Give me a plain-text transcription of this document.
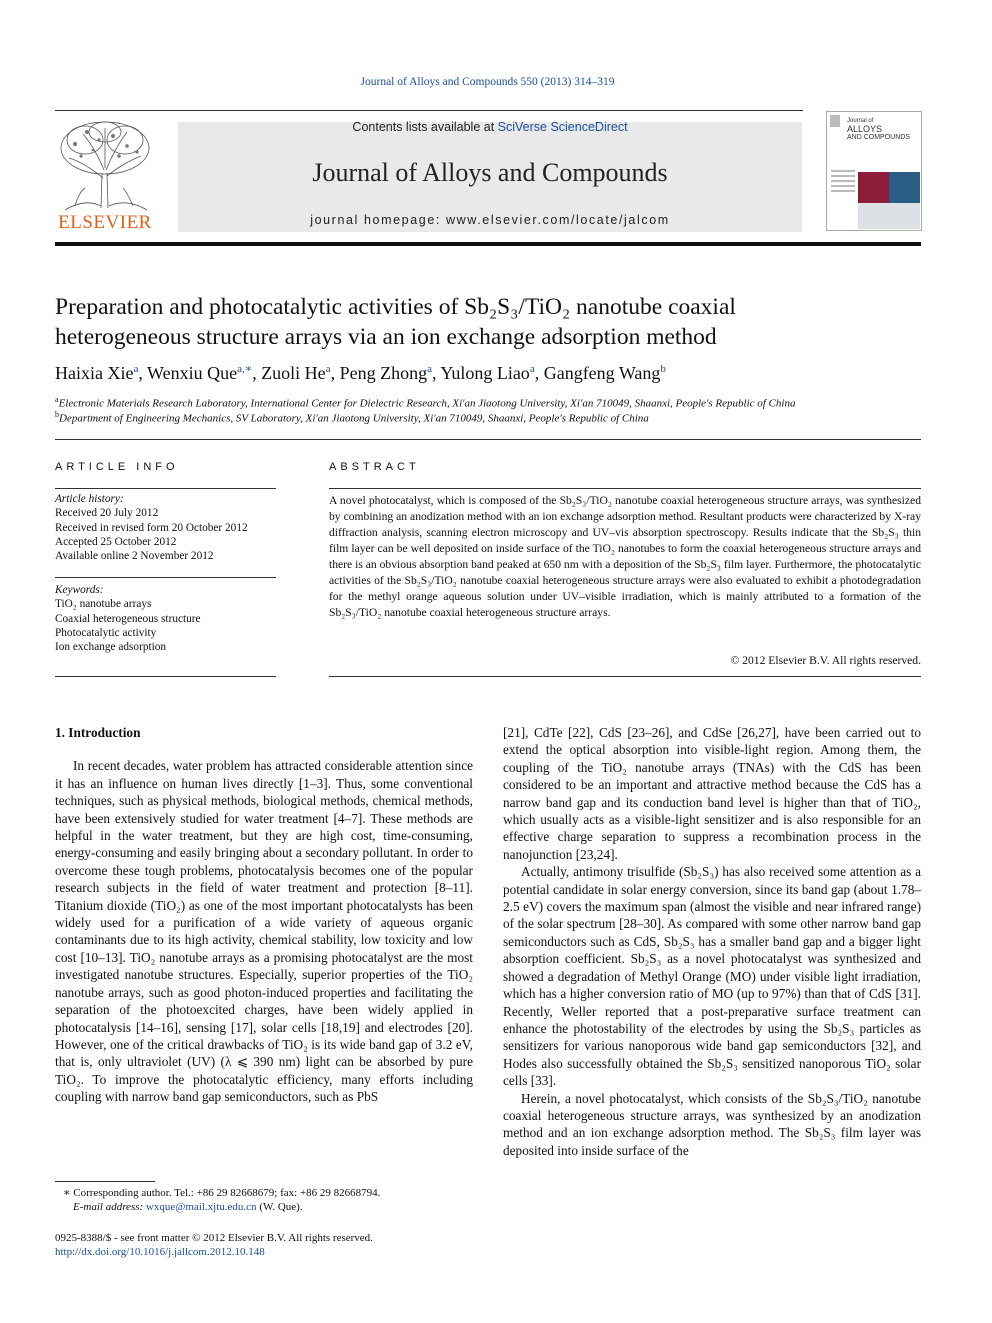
Journal of Alloys and Compounds 550 (2013) 314–319
ELSEVIER
Contents lists available at SciVerse ScienceDirect
Journal of Alloys and Compounds
journal homepage: www.elsevier.com/locate/jalcom
Journal of
ALLOYS
AND COMPOUNDS
Preparation and photocatalytic activities of Sb₂S₃/TiO₂ nanotube coaxial
heterogeneous structure arrays via an ion exchange adsorption method
Haixia Xie$^a$, Wenxiu Que$^{a,∗}$, Zuoli He$^a$, Peng Zhong$^a$, Yulong Liao$^a$, Gangfeng Wang$^b$
$^a$Electronic Materials Research Laboratory, International Center for Dielectric Research, Xi'an Jiaotong University, Xi'an 710049, Shaanxi, People's Republic of China
$^b$Department of Engineering Mechanics, SV Laboratory, Xi'an Jiaotong University, Xi'an 710049, Shaanxi, People's Republic of China
ARTICLE INFO
Article history:
Received 20 July 2012
Received in revised form 20 October 2012
Accepted 25 October 2012
Available online 2 November 2012
Keywords:
TiO₂ nanotube arrays
Coaxial heterogeneous structure
Photocatalytic activity
Ion exchange adsorption
ABSTRACT
A novel photocatalyst, which is composed of the Sb₂S₃/TiO₂ nanotube coaxial heterogeneous structure arrays, was synthesized by combining an anodization method with an ion exchange adsorption method. Resultant products were characterized by X-ray diffraction analysis, scanning electron microscopy and UV–vis absorption spectroscopy. Results indicate that the Sb₂S₃ thin film layer can be well deposited on inside surface of the TiO₂ nanotubes to form the coaxial heterogeneous structure arrays and there is an obvious absorption band peaked at 650 nm with a deposition of the Sb₂S₃ film layer. Furthermore, the photocatalytic activities of the Sb₂S₃/TiO₂ nanotube coaxial heterogeneous structure arrays were also evaluated to exhibit a photodegradation for the methyl orange aqueous solution under UV–visible irradiation, which is mainly attributed to a formation of the Sb₂S₃/TiO₂ nanotube coaxial heterogeneous structure arrays.
© 2012 Elsevier B.V. All rights reserved.
1. Introduction

In recent decades, water problem has attracted considerable attention since it has an influence on human lives directly [1–3]. Thus, some conventional techniques, such as physical methods, biological methods, chemical methods, have been extensively studied for water treatment [4–7]. These methods are helpful in the water treatment, but they are high cost, time-consuming, energy-consuming and easily bringing about a secondary pollutant. In order to overcome these tough problems, photocatalysis becomes one of the popular research subjects in the field of water treatment and protection [8–11]. Titanium dioxide (TiO₂) as one of the most important photocatalysts has been widely used for a purification of a wide variety of aqueous organic contaminants due to its high activity, chemical stability, low toxicity and low cost [10–13]. TiO₂ nanotube arrays as a promising photocatalyst are the most investigated nanotube structures. Especially, superior properties of the TiO₂ nanotube arrays, such as good photon-induced properties and facilitating the separation of the photoexcited charges, have been widely applied in photocatalysis [14–16], sensing [17], solar cells [18,19] and electrodes [20]. However, one of the critical drawbacks of TiO₂ is its wide band gap of 3.2 eV, that is, only ultraviolet (UV) (λ ⩽ 390 nm) light can be absorbed by pure TiO₂. To improve the photocatalytic efficiency, many efforts including coupling with narrow band gap semiconductors, such as PbS

[21], CdTe [22], CdS [23–26], and CdSe [26,27], have been carried out to extend the optical absorption into visible-light region. Among them, the coupling of the TiO₂ nanotube arrays (TNAs) with the CdS has been considered to be an important and attractive method because the CdS has a narrow band gap and its conduction band level is higher than that of TiO₂, which usually acts as a visible-light sensitizer and is also responsible for an effective charge separation to suppress a recombination process in the nanojunction [23,24].

Actually, antimony trisulfide (Sb₂S₃) has also received some attention as a potential candidate in solar energy conversion, since its band gap (about 1.78–2.5 eV) covers the maximum span (almost the visible and near infrared range) of the solar spectrum [28–30]. As compared with some other narrow band gap semiconductors such as CdS, Sb₂S₃ has a smaller band gap and a bigger light absorption coefficient. Sb₂S₃ as a novel photocatalyst was synthesized and showed a degradation of Methyl Orange (MO) under visible light irradiation, which has a higher conversion ratio of MO (up to 97%) than that of CdS [31]. Recently, Weller reported that a post-preparative surface treatment can enhance the photostability of the electrodes by using the Sb₂S₃ particles as sensitizers for various nanoporous wide band gap semiconductors [32], and Hodes also successfully obtained the Sb₂S₃ sensitized nanoporous TiO₂ solar cells [33].

Herein, a novel photocatalyst, which consists of the Sb₂S₃/TiO₂ nanotube coaxial heterogeneous structure arrays, was synthesized by an anodization method and an ion exchange adsorption method. The Sb₂S₃ film layer was deposited into inside surface of the

∗ Corresponding author. Tel.: +86 29 82668679; fax: +86 29 82668794.
E-mail address: wxque@mail.xjtu.edu.cn (W. Que).
0925-8388/$ - see front matter © 2012 Elsevier B.V. All rights reserved.
http://dx.doi.org/10.1016/j.jallcom.2012.10.148
